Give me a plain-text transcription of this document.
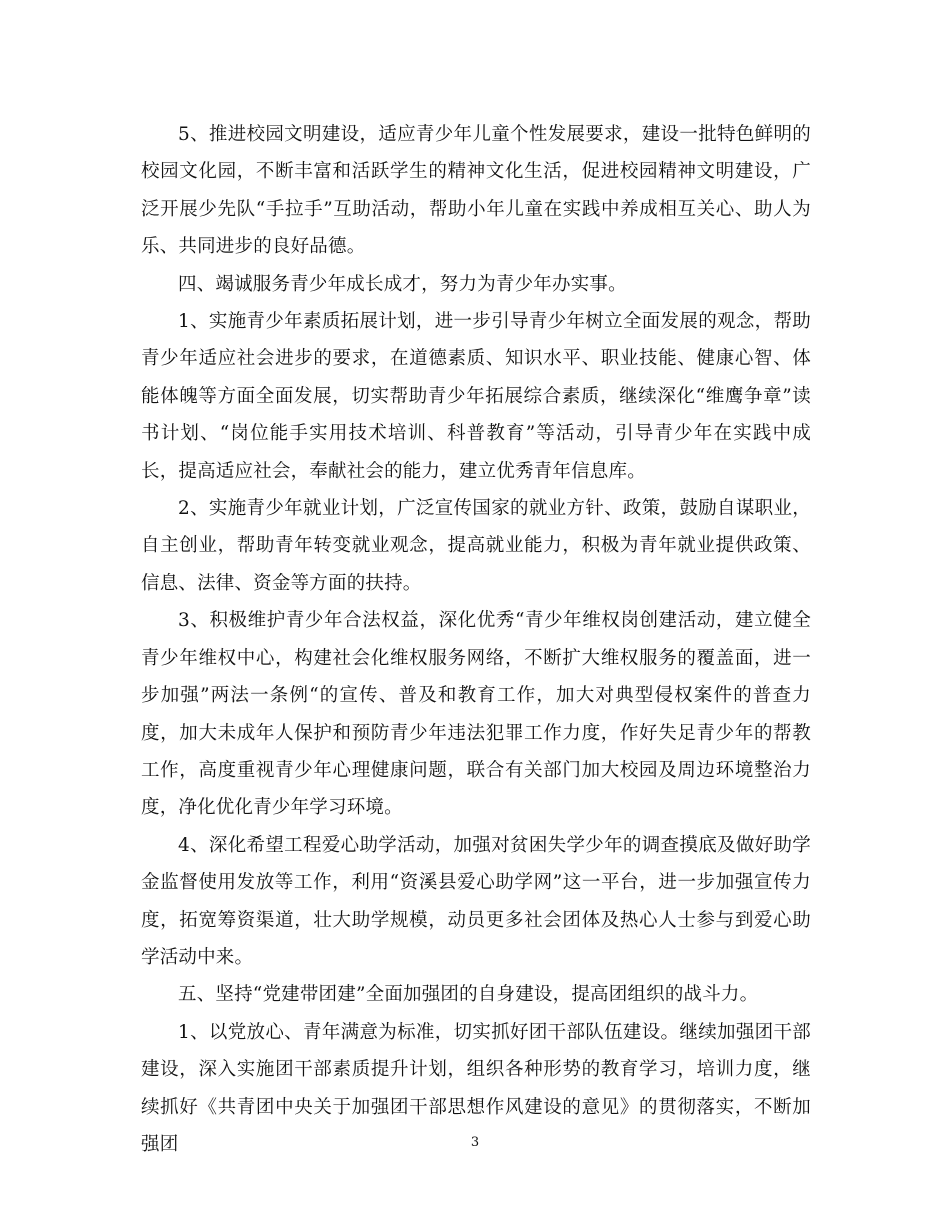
5、推进校园文明建设，适应青少年儿童个性发展要求，建设一批特色鲜明的校园文化园，不断丰富和活跃学生的精神文化生活，促进校园精神文明建设，广泛开展少先队“手拉手”互助活动，帮助小年儿童在实践中养成相互关心、助人为乐、共同进步的良好品德。

四、竭诚服务青少年成长成才，努力为青少年办实事。

1、实施青少年素质拓展计划，进一步引导青少年树立全面发展的观念，帮助青少年适应社会进步的要求，在道德素质、知识水平、职业技能、健康心智、体能体魄等方面全面发展，切实帮助青少年拓展综合素质，继续深化“维鹰争章”读书计划、“岗位能手实用技术培训、科普教育”等活动，引导青少年在实践中成长，提高适应社会，奉献社会的能力，建立优秀青年信息库。

2、实施青少年就业计划，广泛宣传国家的就业方针、政策，鼓励自谋职业，自主创业，帮助青年转变就业观念，提高就业能力，积极为青年就业提供政策、信息、法律、资金等方面的扶持。

3、积极维护青少年合法权益，深化优秀“青少年维权岗创建活动，建立健全青少年维权中心，构建社会化维权服务网络，不断扩大维权服务的覆盖面，进一步加强”两法一条例“的宣传、普及和教育工作，加大对典型侵权案件的普查力度，加大未成年人保护和预防青少年违法犯罪工作力度，作好失足青少年的帮教工作，高度重视青少年心理健康问题，联合有关部门加大校园及周边环境整治力度，净化优化青少年学习环境。

4、深化希望工程爱心助学活动，加强对贫困失学少年的调查摸底及做好助学金监督使用发放等工作，利用“资溪县爱心助学网”这一平台，进一步加强宣传力度，拓宽筹资渠道，壮大助学规模，动员更多社会团体及热心人士参与到爱心助学活动中来。

五、坚持“党建带团建”全面加强团的自身建设，提高团组织的战斗力。

1、以党放心、青年满意为标准，切实抓好团干部队伍建设。继续加强团干部建设，深入实施团干部素质提升计划，组织各种形势的教育学习，培训力度，继续抓好《共青团中央关于加强团干部思想作风建设的意见》的贯彻落实，不断加强团	3
